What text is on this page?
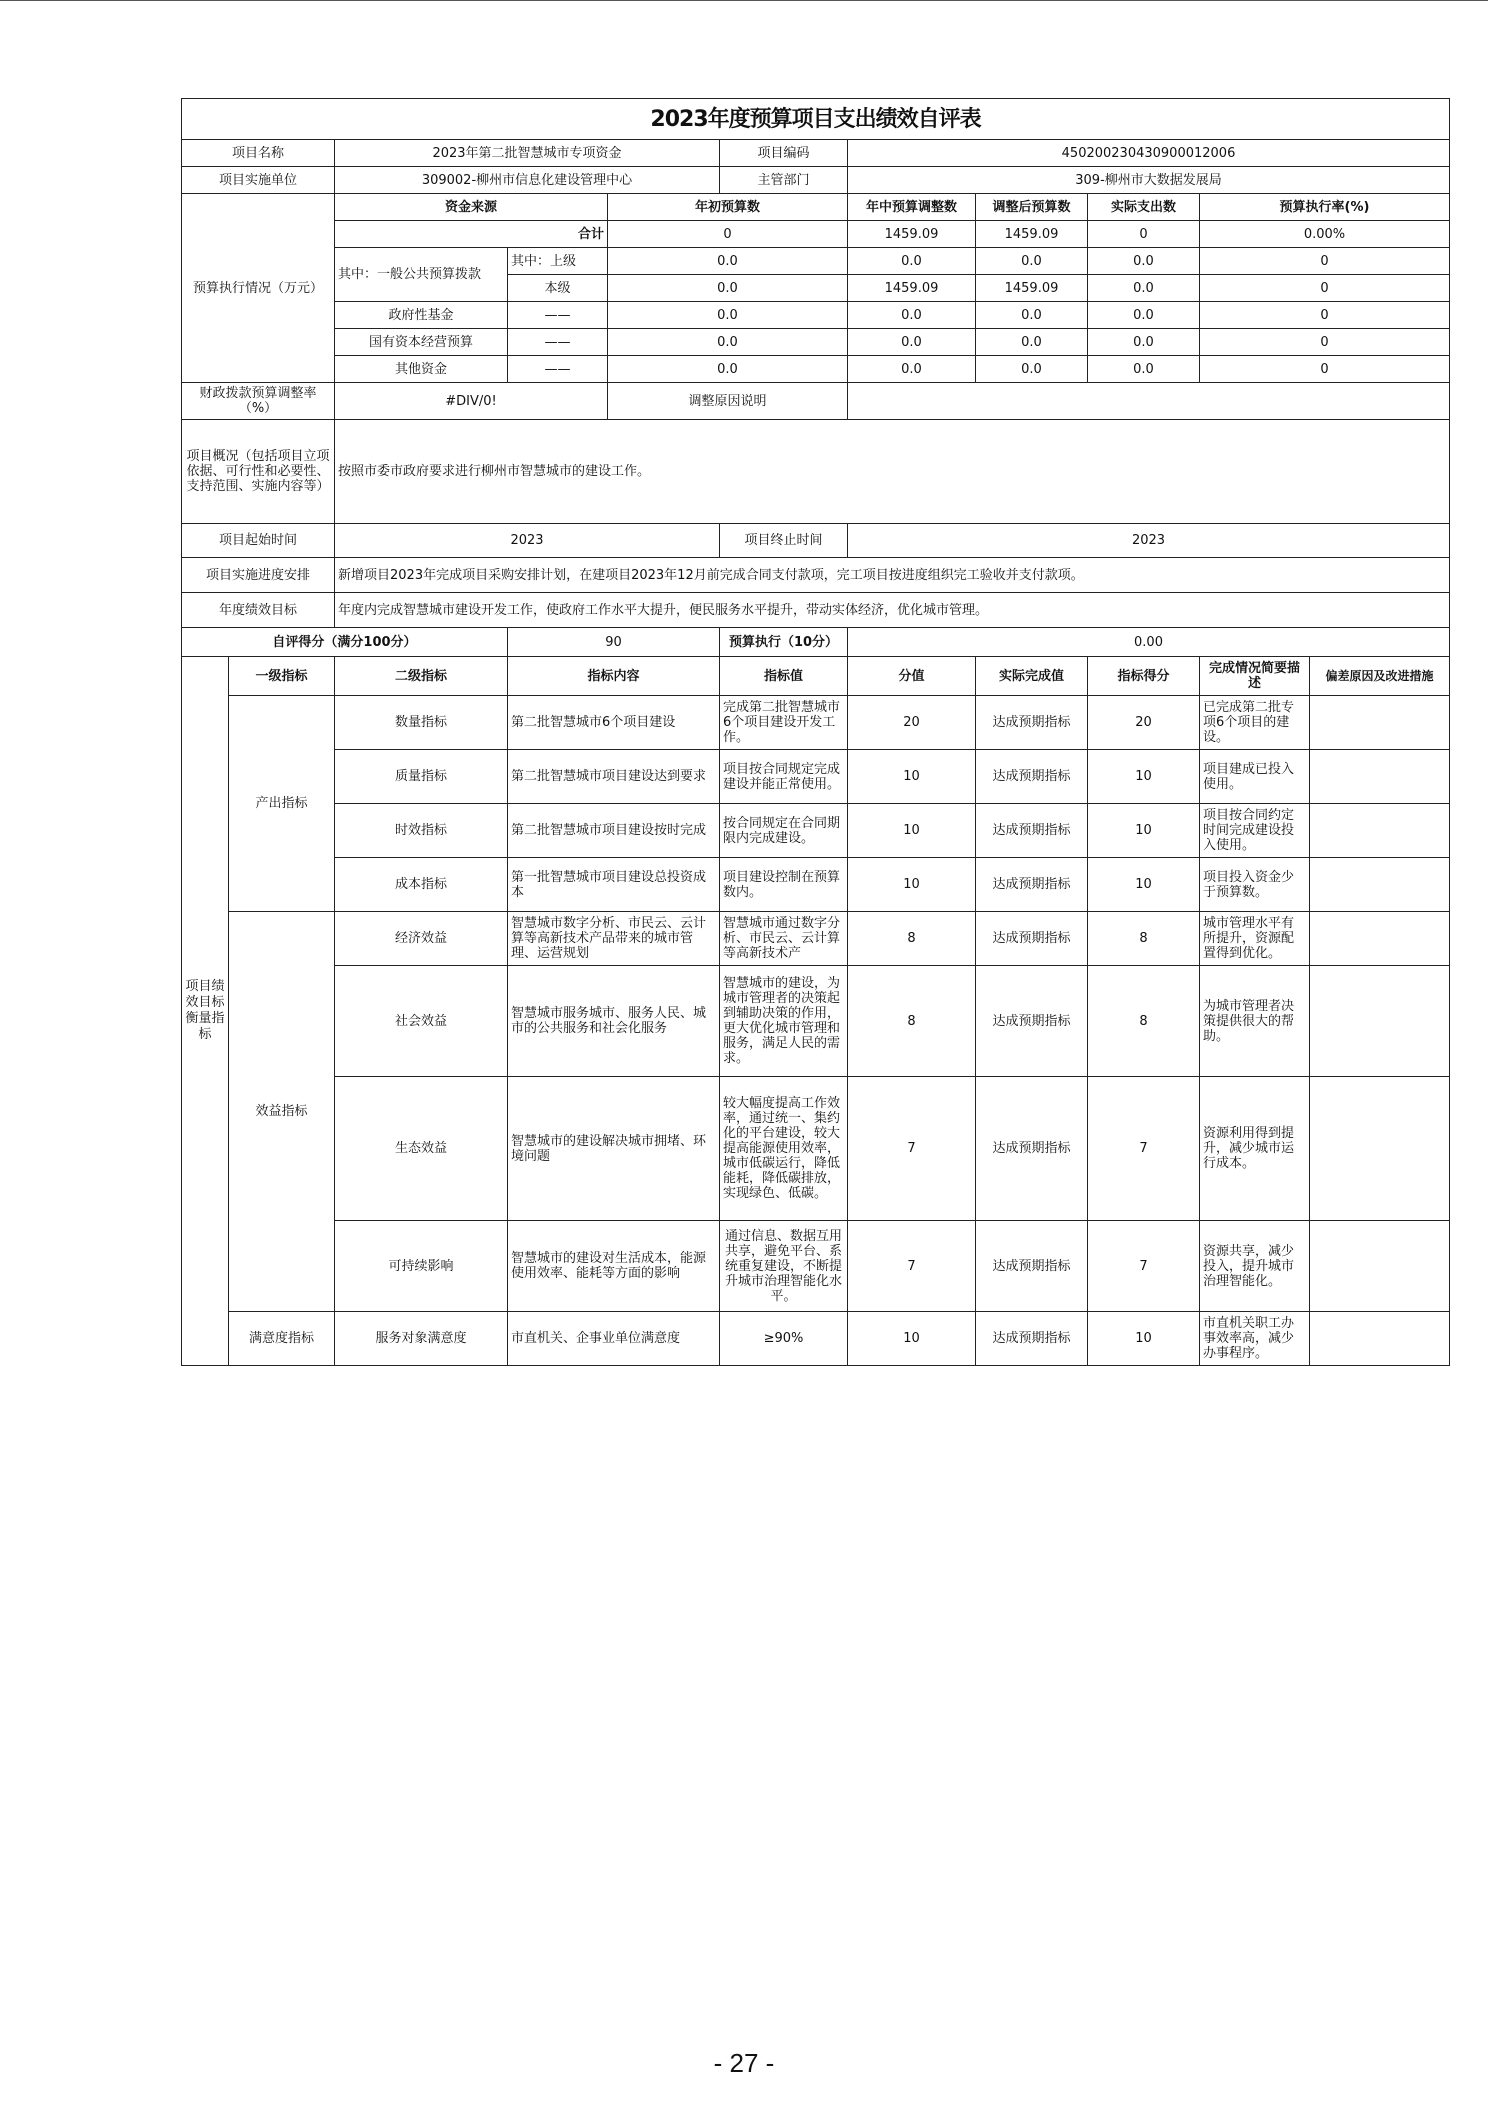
2023年度预算项目支出绩效自评表										
项目名称		2023年第二批智慧城市专项资金			项目编码	450200230430900012006				
项目实施单位		309002-柳州市信息化建设管理中心			主管部门	309-柳州市大数据发展局				
预算执行情况（万元）		资金来源		年初预算数		年中预算调整数	调整后预算数	实际支出数	预算执行率(%)	
		合计		0		1459.09	1459.09	0	0.00%	
		其中：一般公共预算拨款	其中：上级	0.0		0.0	0.0	0.0	0	
			本级	0.0		1459.09	1459.09	0.0	0	
		政府性基金	——	0.0		0.0	0.0	0.0	0	
		国有资本经营预算	——	0.0		0.0	0.0	0.0	0	
		其他资金	——	0.0		0.0	0.0	0.0	0	
财政拨款预算调整率（%）		#DIV/0!		调整原因说明						
项目概况（包括项目立项依据、可行性和必要性、支持范围、实施内容等）		按照市委市政府要求进行柳州市智慧城市的建设工作。								
项目起始时间		2023			项目终止时间	2023				
项目实施进度安排		新增项目2023年完成项目采购安排计划，在建项目2023年12月前完成合同支付款项，完工项目按进度组织完工验收并支付款项。								
年度绩效目标		年度内完成智慧城市建设开发工作，使政府工作水平大提升，便民服务水平提升，带动实体经济，优化城市管理。								
自评得分（满分100分）			90		预算执行（10分）	0.00				
项目绩效目标衡量指标	一级指标	二级指标	指标内容		指标值	分值	实际完成值	指标得分	完成情况简要描述	偏差原因及改进措施
	产出指标	数量指标	第二批智慧城市6个项目建设		完成第二批智慧城市6个项目建设开发工作。	20	达成预期指标	20	已完成第二批专项6个项目的建设。	
		质量指标	第二批智慧城市项目建设达到要求		项目按合同规定完成建设并能正常使用。	10	达成预期指标	10	项目建成已投入使用。	
		时效指标	第二批智慧城市项目建设按时完成		按合同规定在合同期限内完成建设。	10	达成预期指标	10	项目按合同约定时间完成建设投入使用。	
		成本指标	第一批智慧城市项目建设总投资成本		项目建设控制在预算数内。	10	达成预期指标	10	项目投入资金少于预算数。	
	效益指标	经济效益	智慧城市数字分析、市民云、云计算等高新技术产品带来的城市管理、运营规划		智慧城市通过数字分析、市民云、云计算等高新技术产	8	达成预期指标	8	城市管理水平有所提升，资源配置得到优化。	
		社会效益	智慧城市服务城市、服务人民、城市的公共服务和社会化服务		智慧城市的建设，为城市管理者的决策起到辅助决策的作用，更大优化城市管理和服务，满足人民的需求。	8	达成预期指标	8	为城市管理者决策提供很大的帮助。	
		生态效益	智慧城市的建设解决城市拥堵、环境问题		较大幅度提高工作效率，通过统一、集约化的平台建设，较大提高能源使用效率，城市低碳运行，降低能耗，降低碳排放，实现绿色、低碳。	7	达成预期指标	7	资源利用得到提升，减少城市运行成本。	
		可持续影响	智慧城市的建设对生活成本，能源使用效率、能耗等方面的影响		通过信息、数据互用共享，避免平台、系统重复建设，不断提升城市治理智能化水平。	7	达成预期指标	7	资源共享，减少投入，提升城市治理智能化。	
	满意度指标	服务对象满意度	市直机关、企事业单位满意度		≥90%	10	达成预期指标	10	市直机关职工办事效率高，减少办事程序。	
- 27 -
